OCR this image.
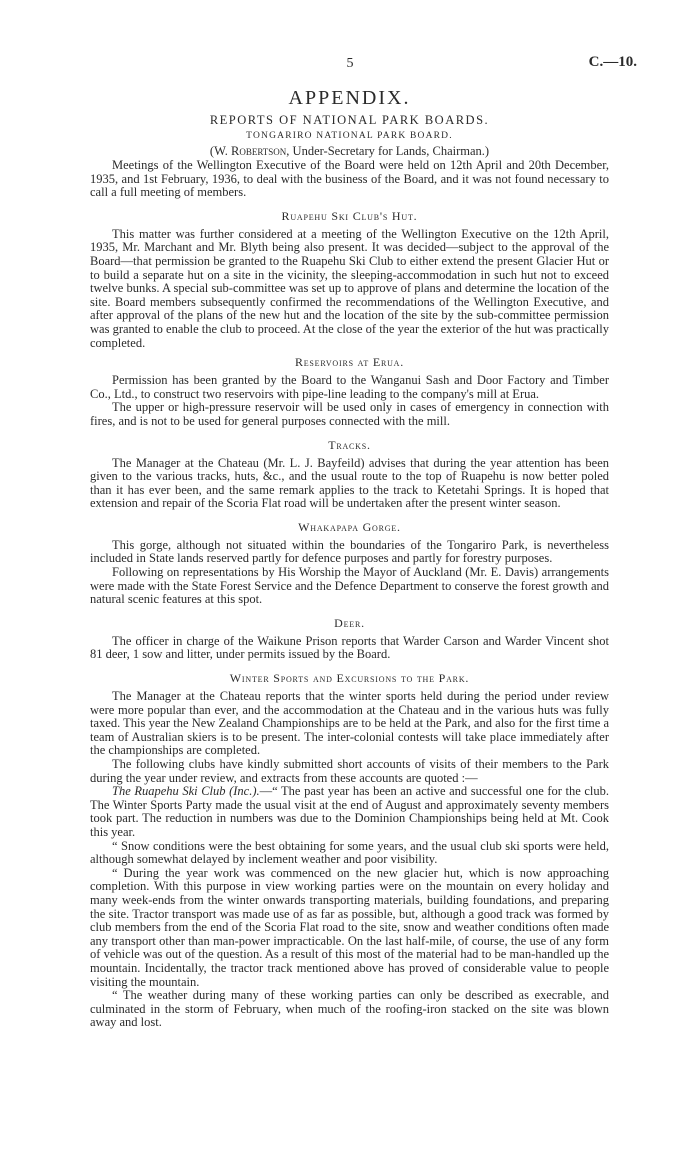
5	C.—10.
APPENDIX.
REPORTS OF NATIONAL PARK BOARDS.
TONGARIRO NATIONAL PARK BOARD.
(W. Robertson, Under-Secretary for Lands, Chairman.)

Meetings of the Wellington Executive of the Board were held on 12th April and 20th December, 1935, and 1st February, 1936, to deal with the business of the Board, and it was not found necessary to call a full meeting of members.

Ruapehu Ski Club's Hut.

This matter was further considered at a meeting of the Wellington Executive on the 12th April, 1935, Mr. Marchant and Mr. Blyth being also present. It was decided—subject to the approval of the Board—that permission be granted to the Ruapehu Ski Club to either extend the present Glacier Hut or to build a separate hut on a site in the vicinity, the sleeping-accommodation in such hut not to exceed twelve bunks. A special sub-committee was set up to approve of plans and determine the location of the site. Board members subsequently confirmed the recommendations of the Wellington Executive, and after approval of the plans of the new hut and the location of the site by the sub-committee permission was granted to enable the club to proceed. At the close of the year the exterior of the hut was practically completed.

Reservoirs at Erua.

Permission has been granted by the Board to the Wanganui Sash and Door Factory and Timber Co., Ltd., to construct two reservoirs with pipe-line leading to the company's mill at Erua.

The upper or high-pressure reservoir will be used only in cases of emergency in connection with fires, and is not to be used for general purposes connected with the mill.

Tracks.

The Manager at the Chateau (Mr. L. J. Bayfeild) advises that during the year attention has been given to the various tracks, huts, &c., and the usual route to the top of Ruapehu is now better poled than it has ever been, and the same remark applies to the track to Ketetahi Springs. It is hoped that extension and repair of the Scoria Flat road will be undertaken after the present winter season.

Whakapapa Gorge.

This gorge, although not situated within the boundaries of the Tongariro Park, is nevertheless included in State lands reserved partly for defence purposes and partly for forestry purposes.

Following on representations by His Worship the Mayor of Auckland (Mr. E. Davis) arrangements were made with the State Forest Service and the Defence Department to conserve the forest growth and natural scenic features at this spot.

Deer.

The officer in charge of the Waikune Prison reports that Warder Carson and Warder Vincent shot 81 deer, 1 sow and litter, under permits issued by the Board.

Winter Sports and Excursions to the Park.

The Manager at the Chateau reports that the winter sports held during the period under review were more popular than ever, and the accommodation at the Chateau and in the various huts was fully taxed. This year the New Zealand Championships are to be held at the Park, and also for the first time a team of Australian skiers is to be present. The inter-colonial contests will take place immediately after the championships are completed.

The following clubs have kindly submitted short accounts of visits of their members to the Park during the year under review, and extracts from these accounts are quoted :—

The Ruapehu Ski Club (Inc.).—“ The past year has been an active and successful one for the club. The Winter Sports Party made the usual visit at the end of August and approximately seventy members took part. The reduction in numbers was due to the Dominion Championships being held at Mt. Cook this year.

“ Snow conditions were the best obtaining for some years, and the usual club ski sports were held, although somewhat delayed by inclement weather and poor visibility.

“ During the year work was commenced on the new glacier hut, which is now approaching completion. With this purpose in view working parties were on the mountain on every holiday and many week-ends from the winter onwards transporting materials, building foundations, and preparing the site. Tractor transport was made use of as far as possible, but, although a good track was formed by club members from the end of the Scoria Flat road to the site, snow and weather conditions often made any transport other than man-power impracticable. On the last half-mile, of course, the use of any form of vehicle was out of the question. As a result of this most of the material had to be man-handled up the mountain. Incidentally, the tractor track mentioned above has proved of considerable value to people visiting the mountain.

“ The weather during many of these working parties can only be described as execrable, and culminated in the storm of February, when much of the roofing-iron stacked on the site was blown away and lost.
